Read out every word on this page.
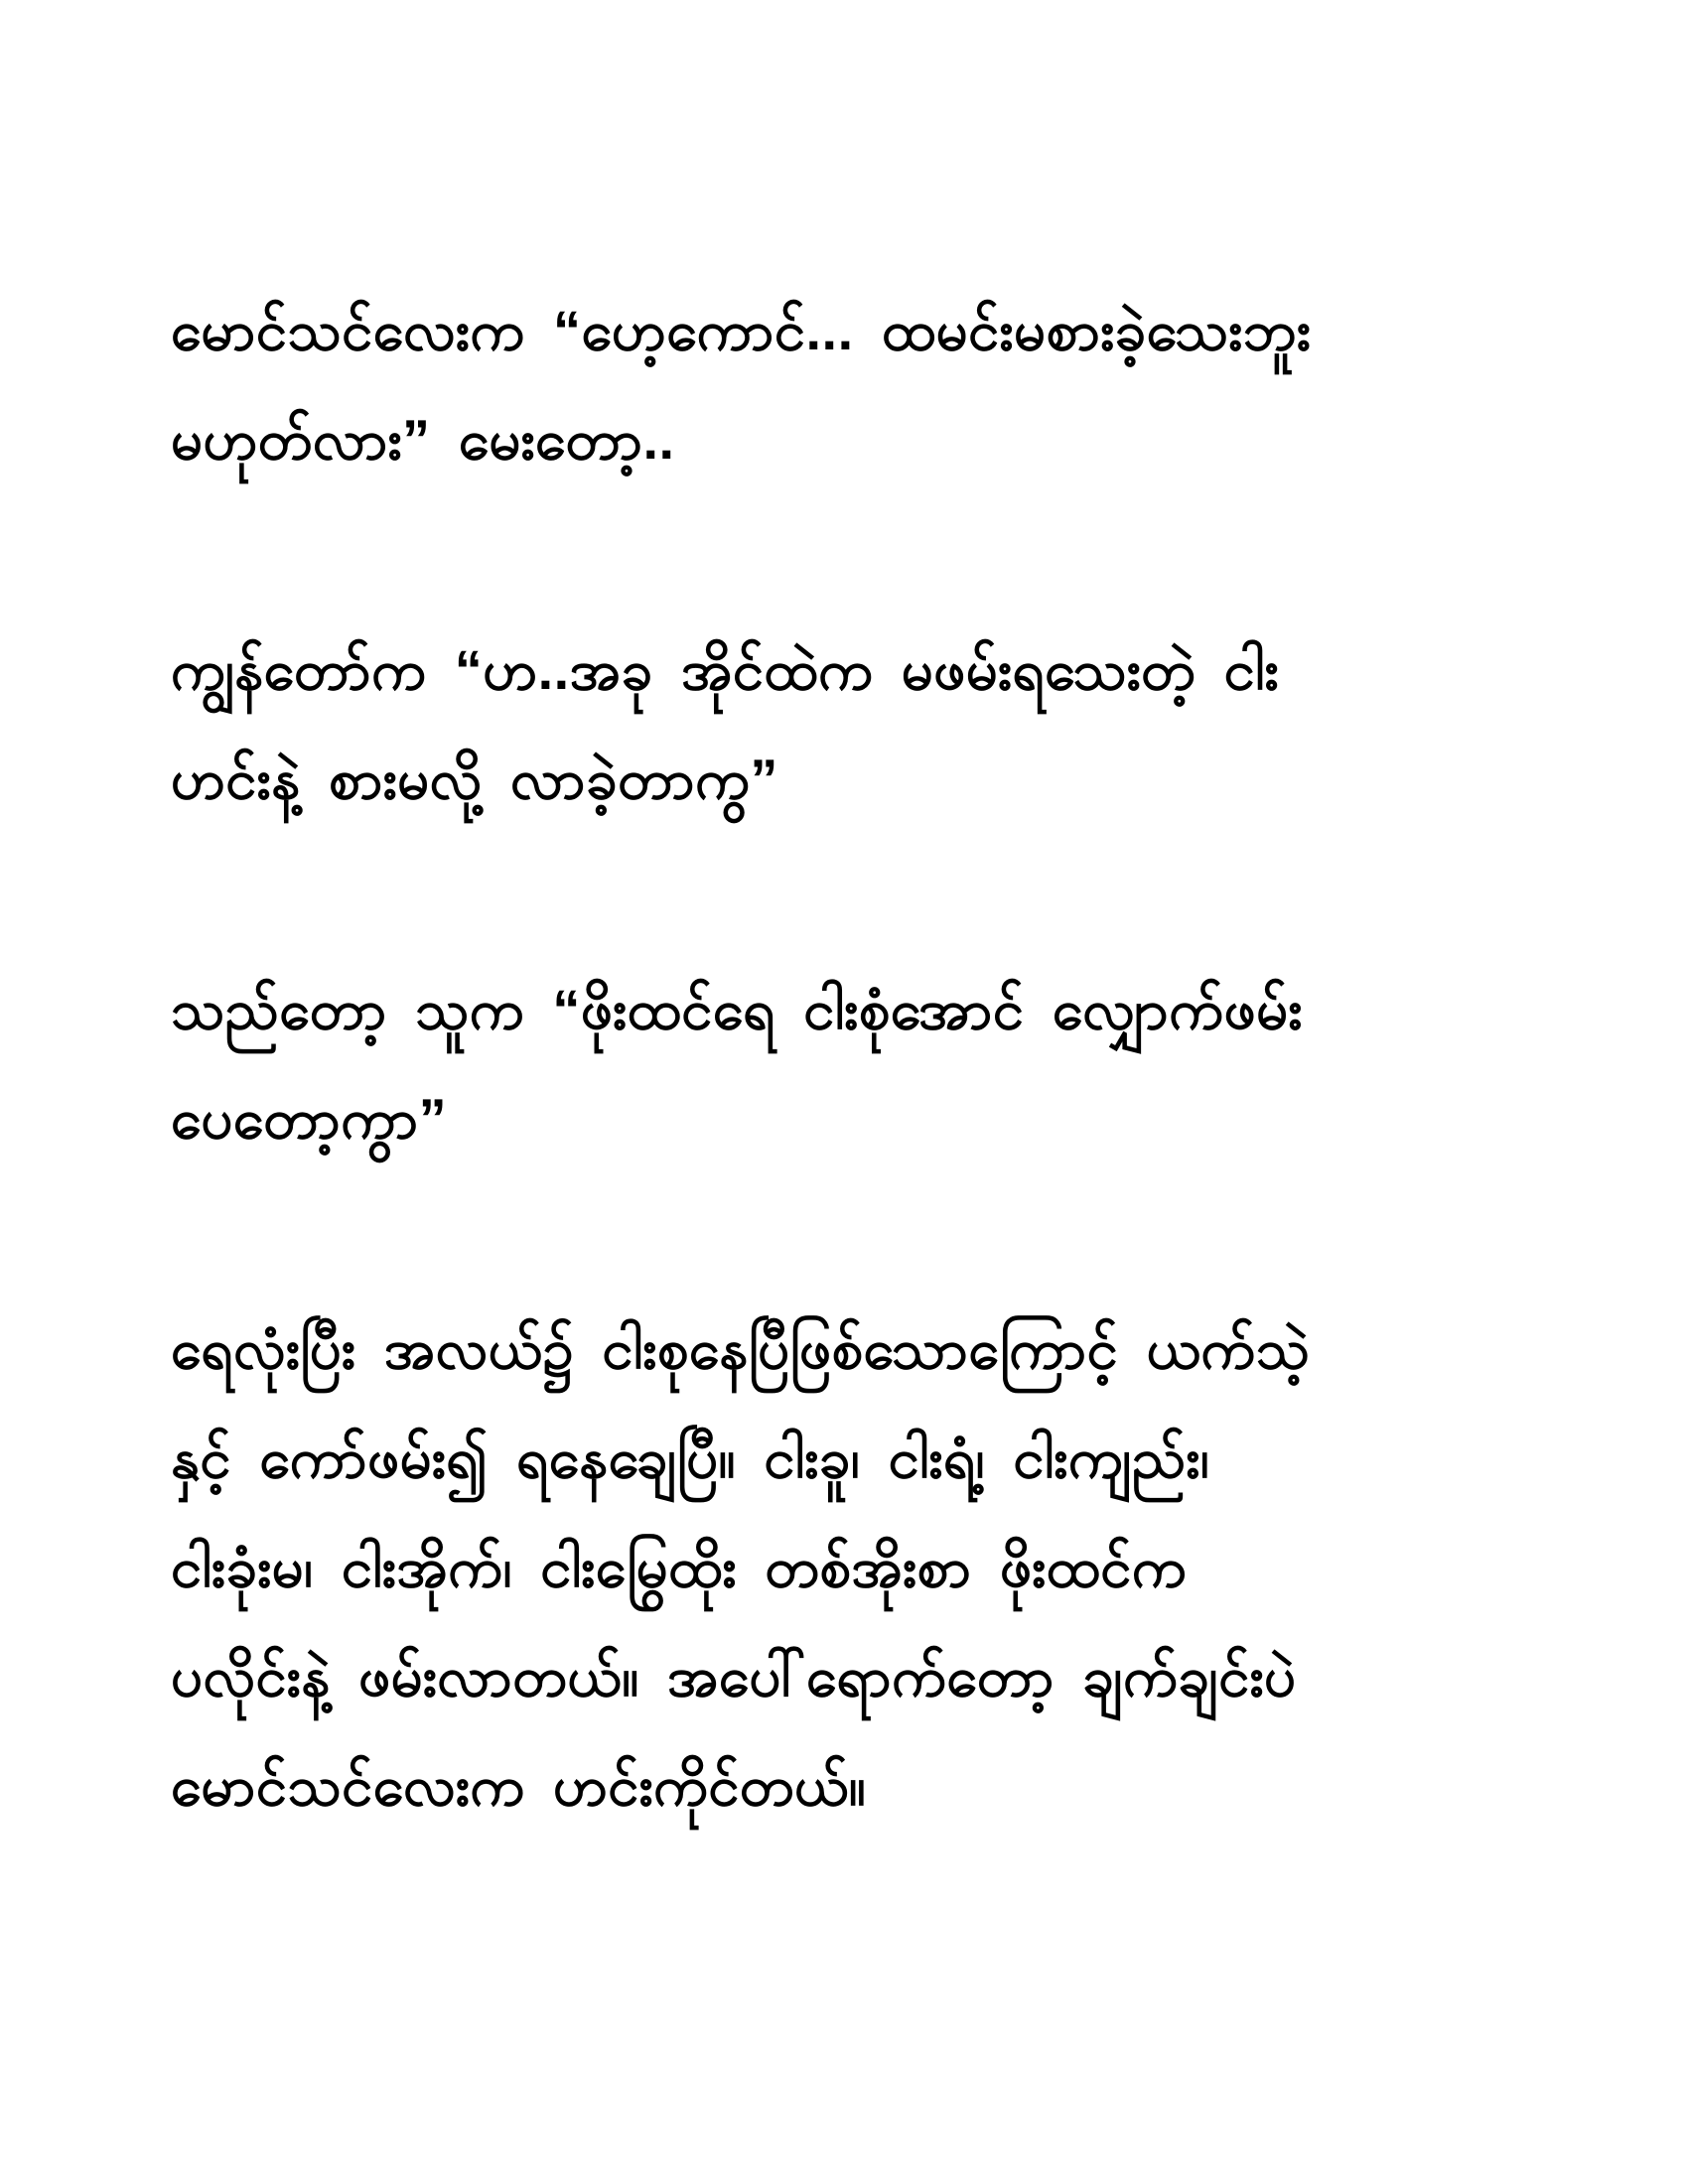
မောင်သင်လေးက “ဟေ့ကောင်... ထမင်းမစားခဲ့သေးဘူး
မဟုတ်လား” မေးတော့..

ကျွန်တော်က “ဟ..အခု အိုင်ထဲက မဖမ်းရသေးတဲ့ ငါး
ဟင်းနဲ့ စားမလို့ လာခဲ့တာကွ”

သည်တော့ သူက “ဖိုးထင်ရေ ငါးစုံအောင် လျှောက်ဖမ်း
ပေတော့ကွာ”

ရေလုံးပြီး အလယ်၌ ငါးစုနေပြီဖြစ်သောကြောင့် ယက်သဲ့
နှင့် ကော်ဖမ်း၍ ရနေချေပြီ။ ငါးခူ၊ ငါးရံ့၊ ငါးကျည်း၊
ငါးခုံးမ၊ ငါးအိုက်၊ ငါးမြွေထိုး တစ်အိုးစာ ဖိုးထင်က
ပလိုင်းနဲ့ ဖမ်းလာတယ်။ အပေါ်ရောက်တော့ ချက်ချင်းပဲ
မောင်သင်လေးက ဟင်းကိုင်တယ်။
